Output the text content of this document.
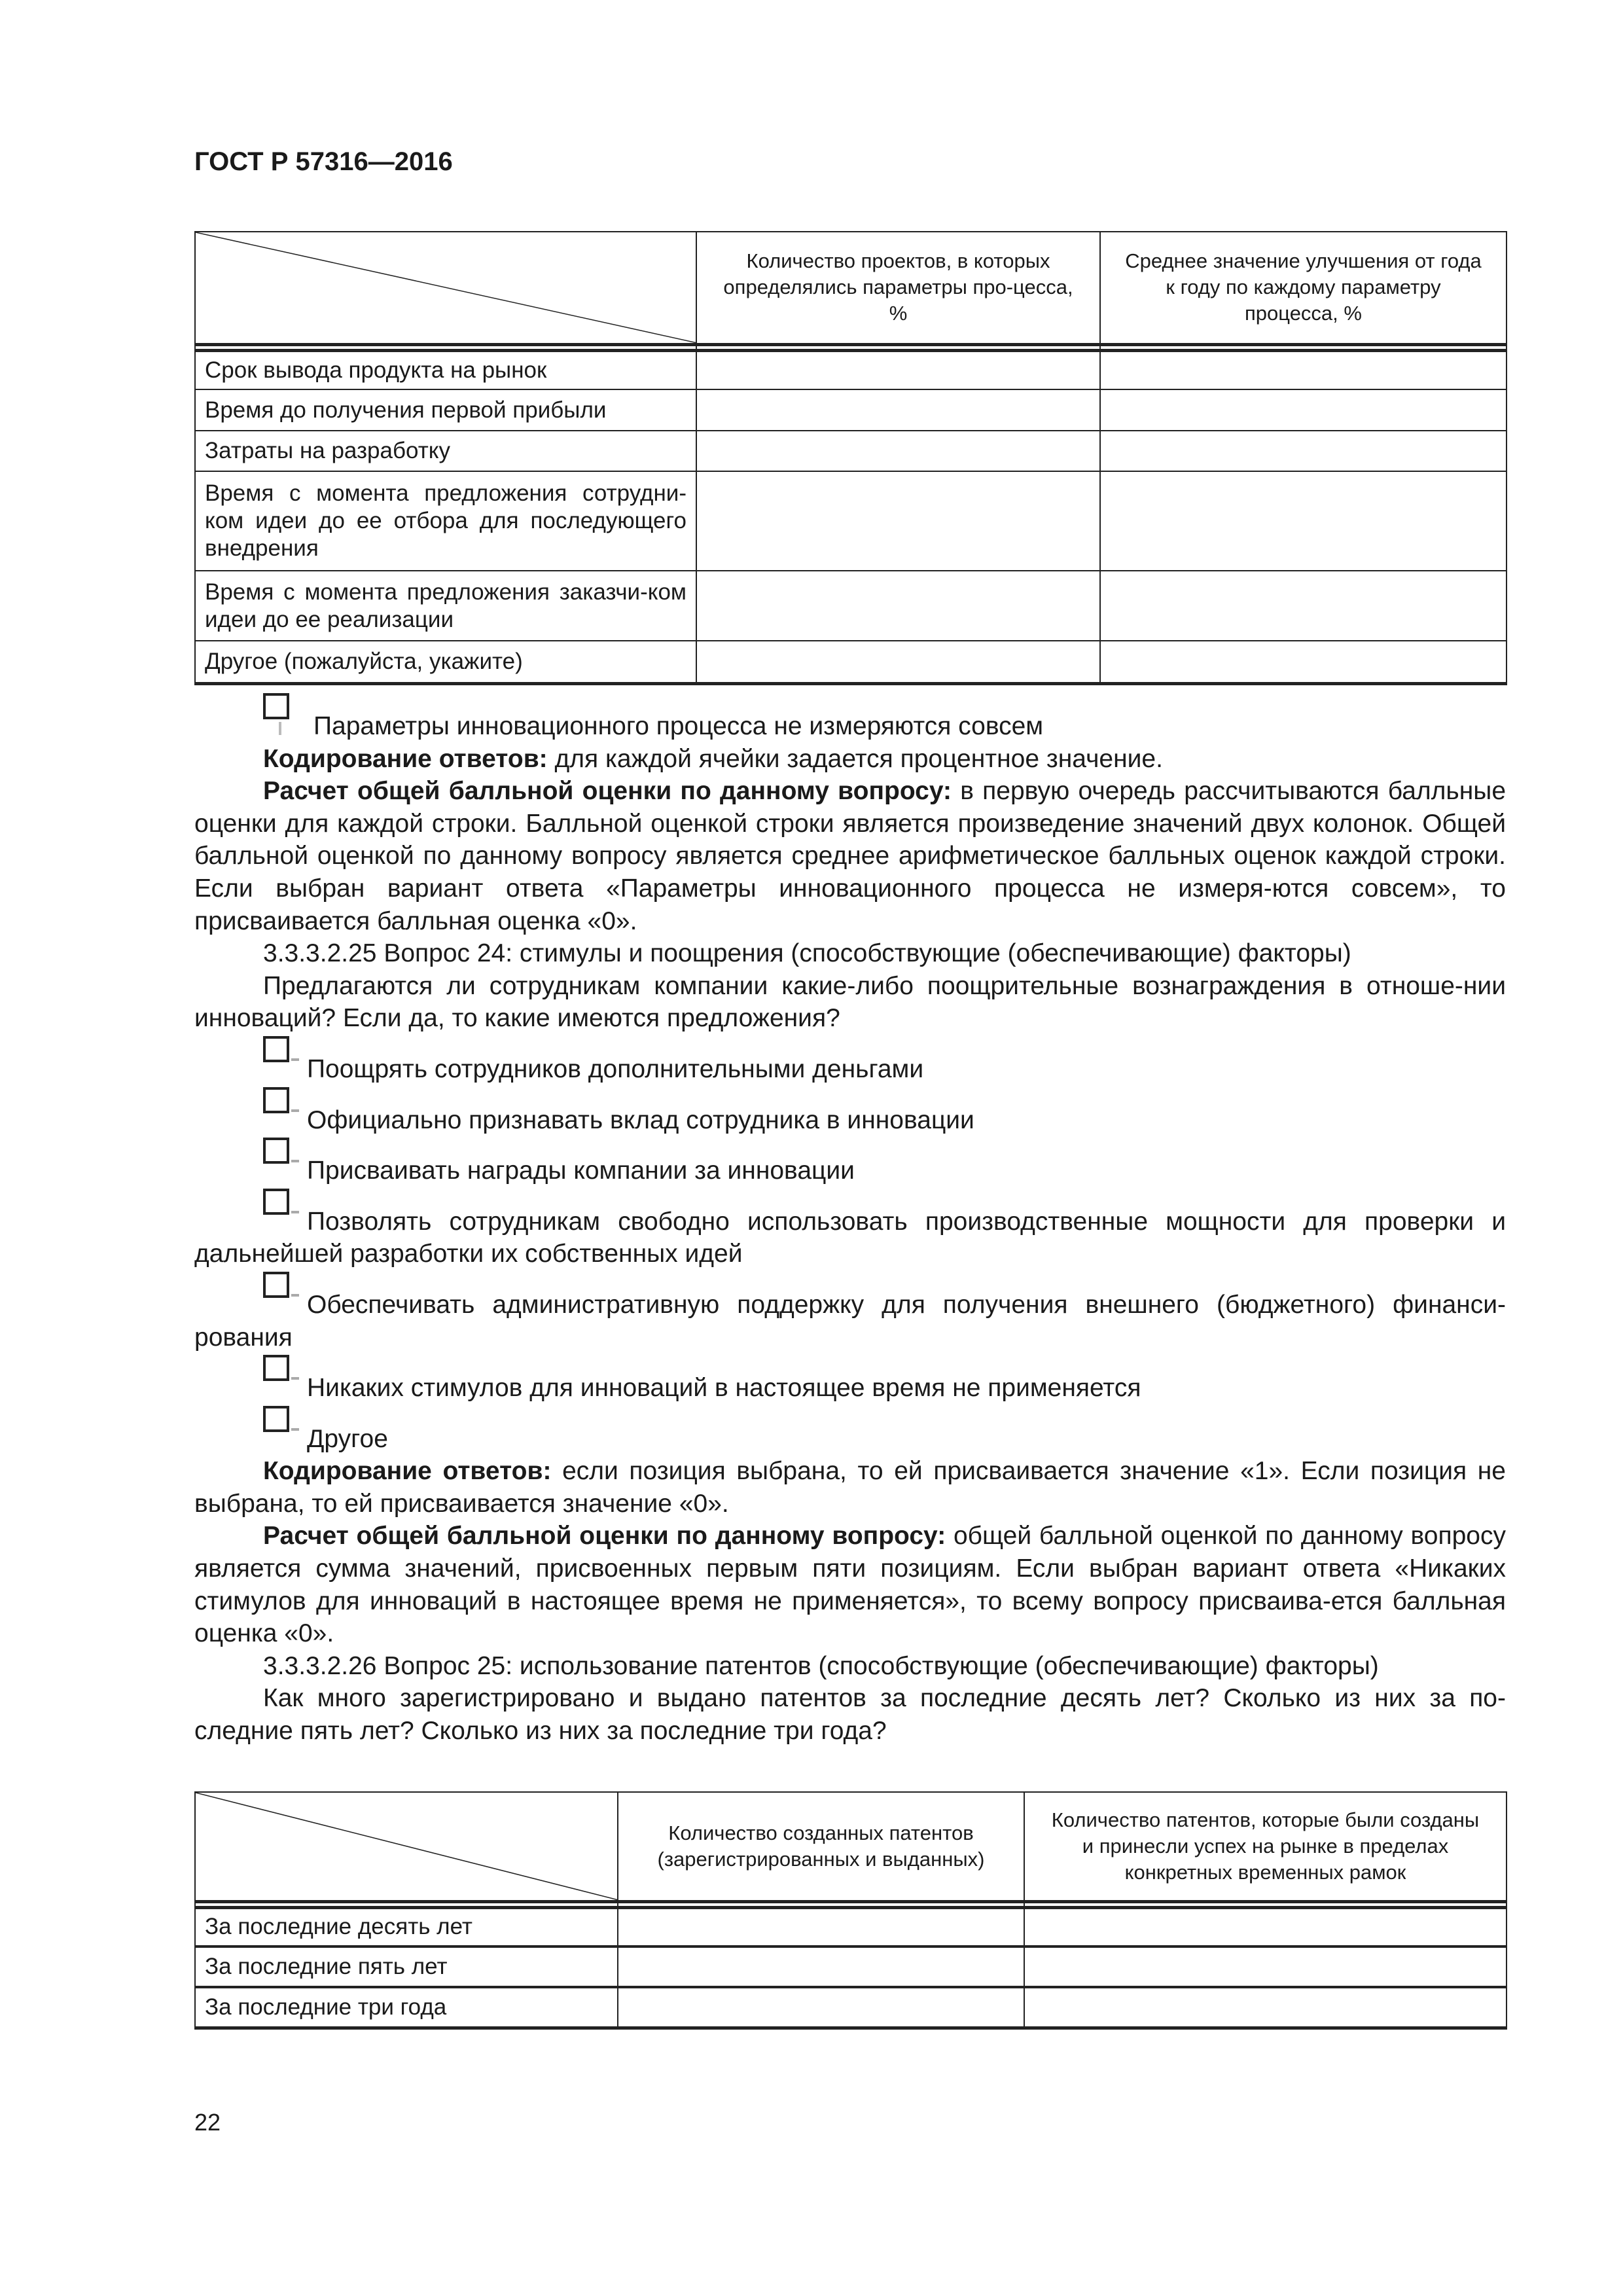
ГОСТ Р 57316—2016
	Количество проектов, в которых определялись параметры про-цесса, %	Среднее значение улучшения от года к году по каждому параметру процесса, %

Срок вывода продукта на рынок		
Время до получения первой прибыли		
Затраты на разработку		
Время с момента предложения сотрудни-ком идеи до ее отбора для последующего внедрения		
Время с момента предложения заказчи-ком идеи до ее реализации		
Другое (пожалуйста, укажите)		
Параметры инновационного процесса не измеряются совсем

Кодирование ответов: для каждой ячейки задается процентное значение.

Расчет общей балльной оценки по данному вопросу: в первую очередь рассчитываются балльные оценки для каждой строки. Балльной оценкой строки является произведение значений двух колонок. Общей балльной оценкой по данному вопросу является среднее арифметическое балльных оценок каждой строки. Если выбран вариант ответа «Параметры инновационного процесса не измеря-ются совсем», то присваивается балльная оценка «0».

3.3.3.2.25 Вопрос 24: стимулы и поощрения (способствующие (обеспечивающие) факторы)

Предлагаются ли сотрудникам компании какие-либо поощрительные вознаграждения в отноше-нии инноваций? Если да, то какие имеются предложения?

Поощрять сотрудников дополнительными деньгами
Официально признавать вклад сотрудника в инновации
Присваивать награды компании за инновации
Позволять сотрудникам свободно использовать производственные мощности для проверки и дальнейшей разработки их собственных идей
Обеспечивать административную поддержку для получения внешнего (бюджетного) финанси-рования
Никаких стимулов для инноваций в настоящее время не применяется
Другое

Кодирование ответов: если позиция выбрана, то ей присваивается значение «1». Если позиция не выбрана, то ей присваивается значение «0».

Расчет общей балльной оценки по данному вопросу: общей балльной оценкой по данному вопросу является сумма значений, присвоенных первым пяти позициям. Если выбран вариант ответа «Никаких стимулов для инноваций в настоящее время не применяется», то всему вопросу присваива-ется балльная оценка «0».

3.3.3.2.26 Вопрос 25: использование патентов (способствующие (обеспечивающие) факторы)

Как много зарегистрировано и выдано патентов за последние десять лет? Сколько из них за по-следние пять лет? Сколько из них за последние три года?

	Количество созданных патентов (зарегистрированных и выданных)	Количество патентов, которые были созданы и принесли успех на рынке в пределах конкретных временных рамок

За последние десять лет		
За последние пять лет		
За последние три года		
22
